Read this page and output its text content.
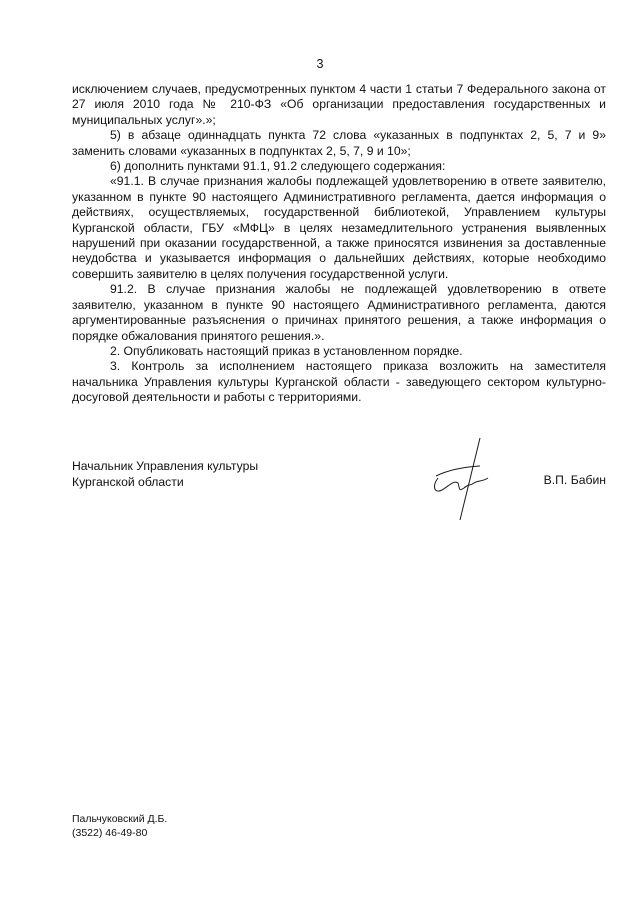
3

исключением случаев, предусмотренных пунктом 4 части 1 статьи 7 Федерального закона от 27 июля 2010 года № 210-ФЗ «Об организации предоставления государственных и муниципальных услуг».»;

5) в абзаце одиннадцать пункта 72 слова «указанных в подпунктах 2, 5, 7 и 9» заменить словами «указанных в подпунктах 2, 5, 7, 9 и 10»;

6) дополнить пунктами 91.1, 91.2 следующего содержания:

«91.1. В случае признания жалобы подлежащей удовлетворению в ответе заявителю, указанном в пункте 90 настоящего Административного регламента, дается информация о действиях, осуществляемых, государственной библиотекой, Управлением культуры Курганской области, ГБУ «МФЦ» в целях незамедлительного устранения выявленных нарушений при оказании государственной, а также приносятся извинения за доставленные неудобства и указывается информация о дальнейших действиях, которые необходимо совершить заявителю в целях получения государственной услуги.

91.2. В случае признания жалобы не подлежащей удовлетворению в ответе заявителю, указанном в пункте 90 настоящего Административного регламента, даются аргументированные разъяснения о причинах принятого решения, а также информация о порядке обжалования принятого решения.».

2. Опубликовать настоящий приказ в установленном порядке.

3. Контроль за исполнением настоящего приказа возложить на заместителя начальника Управления культуры Курганской области - заведующего сектором культурно-досуговой деятельности и работы с территориями.

Начальник Управления культуры
Курганской области	В.П. Бабин
Пальчуковский Д.Б.
(3522) 46-49-80
